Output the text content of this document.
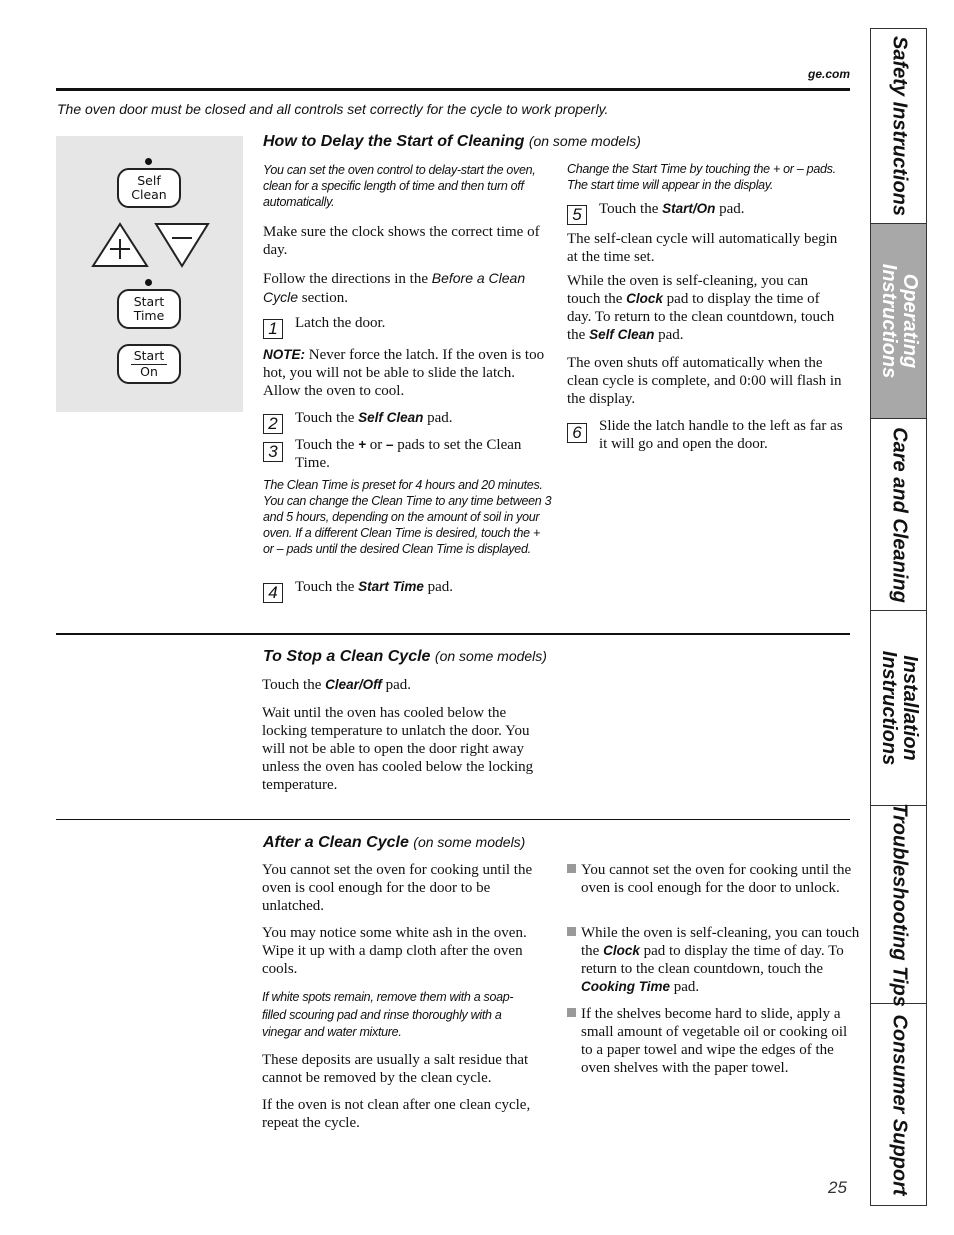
ge.com
The oven door must be closed and all controls set correctly for the cycle to work properly.
Self
Clean
Start
Time
Start
On
How to Delay the Start of Cleaning (on some models)
You can set the oven control to delay-start the oven, clean for a specific length of time and then turn off automatically.
Make sure the clock shows the correct time of day.
Follow the directions in the Before a Clean Cycle section.
1	Latch the door.
NOTE: Never force the latch. If the oven is too hot, you will not be able to slide the latch. Allow the oven to cool.
2	Touch the Self Clean pad.
3	Touch the + or – pads to set the Clean Time.
The Clean Time is preset for 4 hours and 20 minutes. You can change the Clean Time to any time between 3 and 5 hours, depending on the amount of soil in your oven. If a different Clean Time is desired, touch the + or – pads until the desired Clean Time is displayed.
4	Touch the Start Time pad.
Change the Start Time by touching the + or – pads. The start time will appear in the display.
5	Touch the Start/On pad.
The self-clean cycle will automatically begin at the time set.
While the oven is self-cleaning, you can touch the Clock pad to display the time of day. To return to the clean countdown, touch the Self Clean pad.
The oven shuts off automatically when the clean cycle is complete, and 0:00 will flash in the display.
6	Slide the latch handle to the left as far as it will go and open the door.
To Stop a Clean Cycle (on some models)
Touch the Clear/Off pad.
Wait until the oven has cooled below the locking temperature to unlatch the door. You will not be able to open the door right away unless the oven has cooled below the locking temperature.
After a Clean Cycle (on some models)
You cannot set the oven for cooking until the oven is cool enough for the door to be unlatched.
You may notice some white ash in the oven. Wipe it up with a damp cloth after the oven cools.
If white spots remain, remove them with a soap-filled scouring pad and rinse thoroughly with a vinegar and water mixture.
These deposits are usually a salt residue that cannot be removed by the clean cycle.
If the oven is not clean after one clean cycle, repeat the cycle.
You cannot set the oven for cooking until the oven is cool enough for the door to unlock.
While the oven is self-cleaning, you can touch the Clock pad to display the time of day. To return to the clean countdown, touch the Cooking Time pad.
If the shelves become hard to slide, apply a small amount of vegetable oil or cooking oil to a paper towel and wipe the edges of the oven shelves with the paper towel.
25
Safety Instructions
Operating Instructions
Care and Cleaning
Installation Instructions
Troubleshooting Tips
Consumer Support
